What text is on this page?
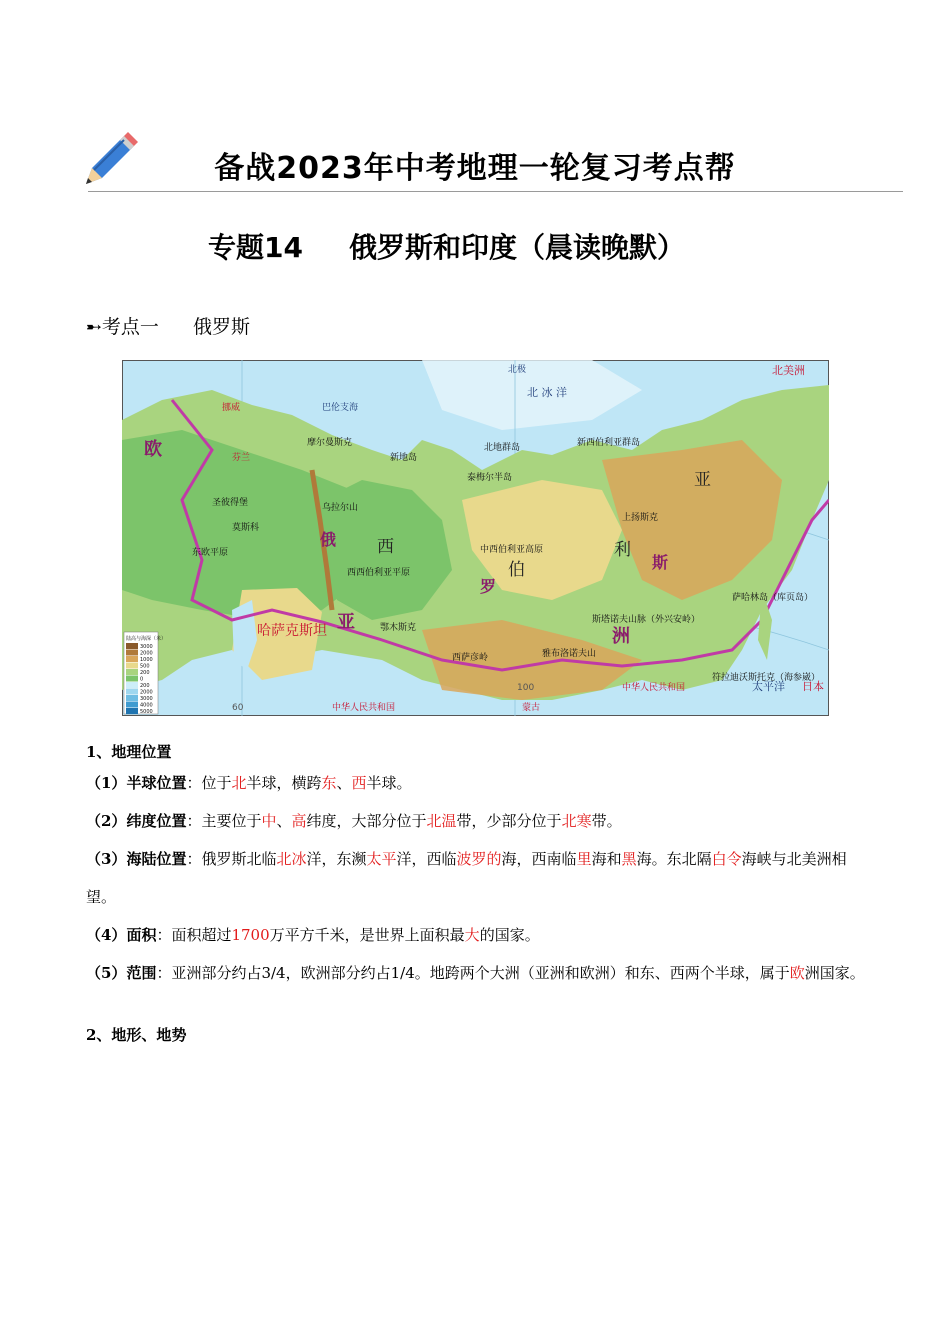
备战2023年中考地理一轮复习考点帮
专题14 俄罗斯和印度（晨读晚默）
➸考点一 俄罗斯
北极
北 冰 洋
100
60
巴伦支海
太平洋
摩尔曼斯克
新地岛
北地群岛	新西伯利亚群岛
泰梅尔半岛
圣彼得堡
莫斯科
东欧平原
乌拉尔山
西西伯利亚平原
中西伯利亚高原
上扬斯克
鄂木斯克
西萨彦岭
斯塔诺夫山脉（外兴安岭）
雅布洛诺夫山
符拉迪沃斯托克（海参崴）
萨哈林岛（库页岛）
中华人民共和国
中华人民共和国	蒙古
哈萨克斯坦
芬兰
挪威
北美洲
日本
欧
亚
洲
俄
罗
斯
西
伯
利
亚
陆高与海深（米）
3000
2000
1000
500
200
0
200
2000
3000
4000
5000
1、地理位置
（1）半球位置：位于北半球，横跨东、西半球。
（2）纬度位置：主要位于中、高纬度，大部分位于北温带，少部分位于北寒带。
（3）海陆位置：俄罗斯北临北冰洋，东濒太平洋，西临波罗的海，西南临里海和黑海。东北隔白令海峡与北美洲相望。
（4）面积：面积超过1700万平方千米，是世界上面积最大的国家。
（5）范围：亚洲部分约占3/4，欧洲部分约占1/4。地跨两个大洲（亚洲和欧洲）和东、西两个半球，属于欧洲国家。
2、地形、地势
